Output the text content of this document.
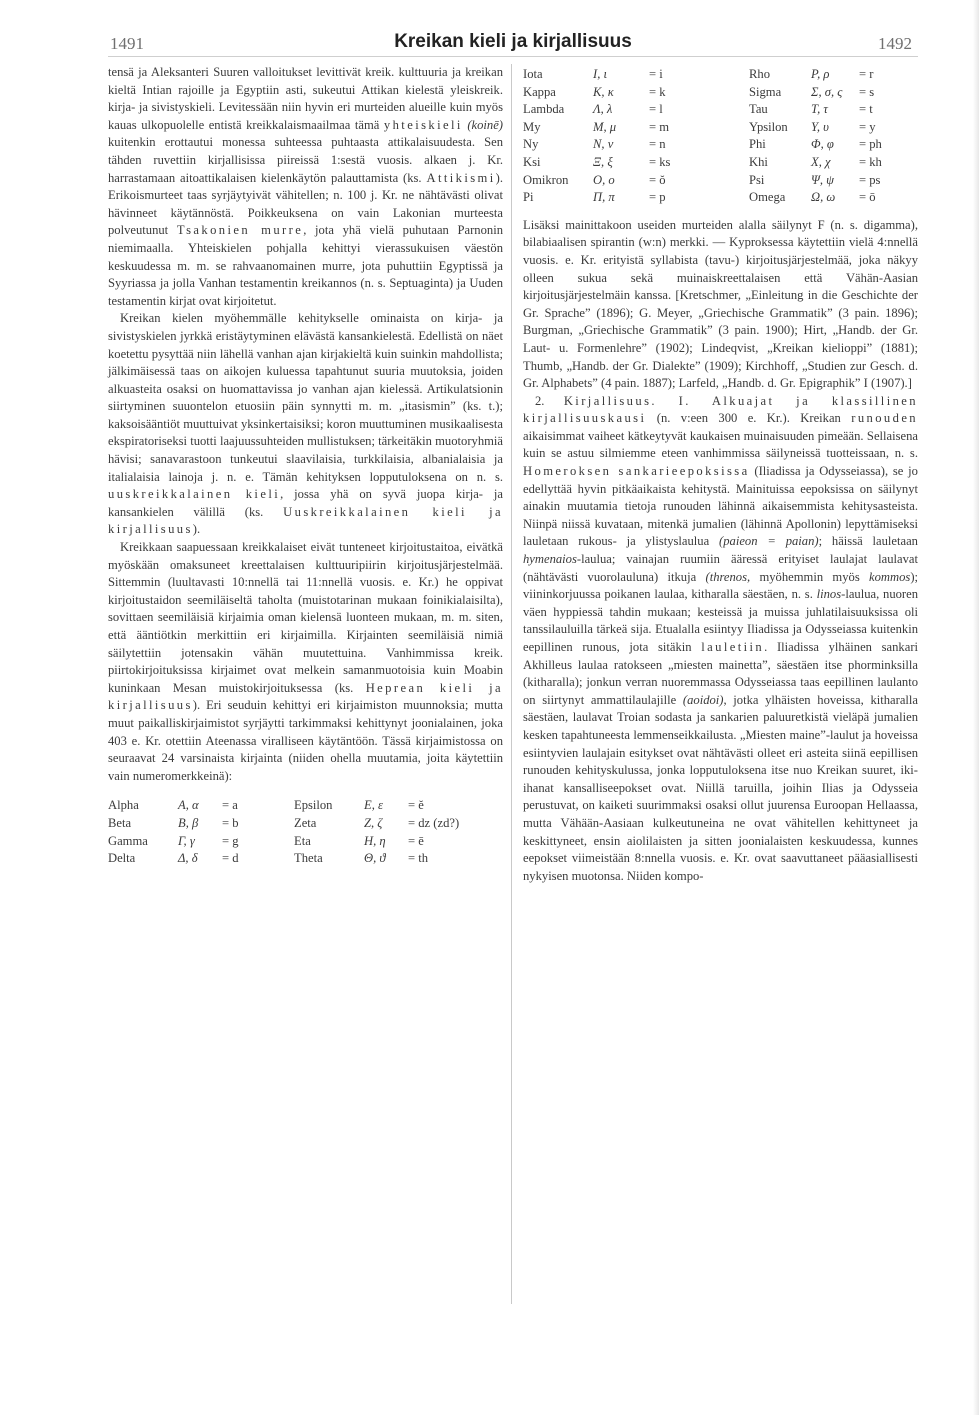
1491	Kreikan kieli ja kirjallisuus	1492

tensä ja Aleksanteri Suuren valloitukset levittivät kreik. kulttuuria ja kreikan kieltä Intian rajoille ja Egyptiin asti, sukeutui Attikan kielestä yleiskreik. kirja- ja sivistyskieli. Levitessään niin hyvin eri murteiden alueille kuin myös kauas ulkopuolelle entistä kreikkalaismaailmaa tämä yhteiskieli (koinē) kuitenkin erottautui monessa suhteessa puhtaasta attikalaisuudesta. Sen tähden ruvettiin kirjallisissa piireissä 1:sestä vuosis. alkaen j. Kr. harrastamaan aitoattikalaisen kielenkäytön palauttamista (ks. Attikismi). Erikoismurteet taas syrjäytyivät vähitellen; n. 100 j. Kr. ne nähtävästi olivat hävinneet käytännöstä. Poikkeuksena on vain Lakonian murteesta polveutunut Tsakonien murre, jota yhä vielä puhutaan Parnonin niemimaalla. Yhteiskielen pohjalla kehittyi vierassukuisen väestön keskuudessa m. m. se rahvaanomainen murre, jota puhuttiin Egyptissä ja Syyriassa ja jolla Vanhan testamentin kreikannos (n. s. Septuaginta) ja Uuden testamentin kirjat ovat kirjoitetut.

Kreikan kielen myöhemmälle kehitykselle ominaista on kirja- ja sivistyskielen jyrkkä eristäytyminen elävästä kansankielestä. Edellistä on näet koetettu pysyttää niin lähellä vanhan ajan kirjakieltä kuin suinkin mahdollista; jälkimäisessä taas on aikojen kuluessa tapahtunut suuria muutoksia, joiden alkuasteita osaksi on huomattavissa jo vanhan ajan kielessä. Artikulatsionin siirtyminen suuontelon etuosiin päin synnytti m. m. „itasismin” (ks. t.); kaksoisääntiöt muuttuivat yksinkertaisiksi; koron muuttuminen musikaalisesta ekspiratoriseksi tuotti laajuussuhteiden mullistuksen; tärkeitäkin muotoryhmiä hävisi; sanavarastoon tunkeutui slaavilaisia, turkkilaisia, albanialaisia ja italialaisia lainoja j. n. e. Tämän kehityksen lopputuloksena on n. s. uuskreikkalainen kieli, jossa yhä on syvä juopa kirja- ja kansankielen välillä (ks. Uuskreikkalainen kieli ja kirjallisuus).

Kreikkaan saapuessaan kreikkalaiset eivät tunteneet kirjoitustaitoa, eivätkä myöskään omaksuneet kreettalaisen kulttuuripiirin kirjoitusjärjestelmää. Sittemmin (luultavasti 10:nnellä tai 11:nnellä vuosis. e. Kr.) he oppivat kirjoitustaidon seemiläiseltä taholta (muistotarinan mukaan foinikialaisilta), sovittaen seemiläisiä kirjaimia oman kielensä luonteen mukaan, m. m. siten, että ääntiötkin merkittiin eri kirjaimilla. Kirjainten seemiläisiä nimiä säilytettiin jotensakin vähän muutettuina. Vanhimmissa kreik. piirtokirjoituksissa kirjaimet ovat melkein samanmuotoisia kuin Moabin kuninkaan Mesan muistokirjoituksessa (ks. Heprean kieli ja kirjallisuus). Eri seuduin kehittyi eri kirjaimiston muunnoksia; mutta muut paikalliskirjaimistot syrjäytti tarkimmaksi kehittynyt joonialainen, joka 403 e. Kr. otettiin Ateenassa viralliseen käytäntöön. Tässä kirjaimistossa on seuraavat 24 varsinaista kirjainta (niiden ohella muutamia, joita käytettiin vain numeromerkkeinä):

Alpha	A, α	= a
Beta	B, β	= b
Gamma	Γ, γ	= g
Delta	Δ, δ	= d
Epsilon	E, ε	= ĕ
Zeta	Z, ζ	= dz (zd?)
Eta	H, η	= ē
Theta	Θ, ϑ	= th
Iota	I, ι	= i
Kappa	K, κ	= k
Lambda	Λ, λ	= l
My	M, μ	= m
Ny	N, ν	= n
Ksi	Ξ, ξ	= ks
Omikron	O, o	= ŏ
Pi	Π, π	= p
Rho	P, ρ	= r
Sigma	Σ, σ, ς	= s
Tau	T, τ	= t
Ypsilon	Y, υ	= y
Phi	Φ, φ	= ph
Khi	X, χ	= kh
Psi	Ψ, ψ	= ps
Omega	Ω, ω	= ō

Lisäksi mainittakoon useiden murteiden alalla säilynyt F (n. s. digamma), bilabiaalisen spirantin (w:n) merkki. — Kyproksessa käytettiin vielä 4:nnellä vuosis. e. Kr. erityistä syllabista (tavu-) kirjoitusjärjestelmää, joka näkyy olleen sukua sekä muinaiskreettalaisen että Vähän-Aasian kirjoitusjärjestelmäin kanssa. [Kretschmer, „Einleitung in die Geschichte der Gr. Sprache” (1896); G. Meyer, „Griechische Grammatik” (3 pain. 1896); Burgman, „Griechische Grammatik” (3 pain. 1900); Hirt, „Handb. der Gr. Laut- u. Formenlehre” (1902); Lindeqvist, „Kreikan kielioppi” (1881); Thumb, „Handb. der Gr. Dialekte” (1909); Kirchhoff, „Studien zur Gesch. d. Gr. Alphabets” (4 pain. 1887); Larfeld, „Handb. d. Gr. Epigraphik” I (1907).]

2. Kirjallisuus. I. Alkuajat ja klassillinen kirjallisuuskausi (n. v:een 300 e. Kr.). Kreikan runouden aikaisimmat vaiheet kätkeytyvät kaukaisen muinaisuuden pimeään. Sellaisena kuin se astuu silmiemme eteen vanhimmissa säilyneissä tuotteissaan, n. s. Homeroksen sankarieepoksissa (Iliadissa ja Odysseiassa), se jo edellyttää hyvin pitkäaikaista kehitystä. Mainituissa eepoksissa on säilynyt ainakin muutamia tietoja runouden lähinnä aikaisemmista kehitysasteista. Niinpä niissä kuvataan, mitenkä jumalien (lähinnä Apollonin) lepyttämiseksi lauletaan rukous- ja ylistyslaulua (paieon = paian); häissä lauletaan hymenaios-laulua; vainajan ruumiin ääressä erityiset laulajat laulavat (nähtävästi vuorolauluna) itkuja (threnos, myöhemmin myös kommos); viininkorjuussa poikanen laulaa, kitharalla säestäen, n. s. linos-laulua, nuoren väen hyppiessä tahdin mukaan; kesteissä ja muissa juhlatilaisuuksissa oli tanssilauluilla tärkeä sija. Etualalla esiintyy Iliadissa ja Odysseiassa kuitenkin eepillinen runous, jota sitäkin lauletiin. Iliadissa ylhäinen sankari Akhilleus laulaa ratokseen „miesten mainetta”, säestäen itse phorminksilla (kitharalla); jonkun verran nuoremmassa Odysseiassa taas eepillinen laulanto on siirtynyt ammattilaulajille (aoidoi), jotka ylhäisten hoveissa, kitharalla säestäen, laulavat Troian sodasta ja sankarien paluuretkistä vieläpä jumalien kesken tapahtuneesta lemmenseikkailusta. „Miesten maine”-laulut ja hoveissa esiintyvien laulajain esitykset ovat nähtävästi olleet eri asteita siinä eepillisen runouden kehityskulussa, jonka lopputuloksena itse nuo Kreikan suuret, iki-ihanat kansalliseepokset ovat. Niillä taruilla, joihin Ilias ja Odysseia perustuvat, on kaiketi suurimmaksi osaksi ollut juurensa Euroopan Hellaassa, mutta Vähään-Aasiaan kulkeutuneina ne ovat vähitellen kehittyneet ja keskittyneet, ensin aiolilaisten ja sitten joonialaisten keskuudessa, kunnes eepokset viimeistään 8:nnella vuosis. e. Kr. ovat saavuttaneet pääasiallisesti nykyisen muotonsa. Niiden kompo-
